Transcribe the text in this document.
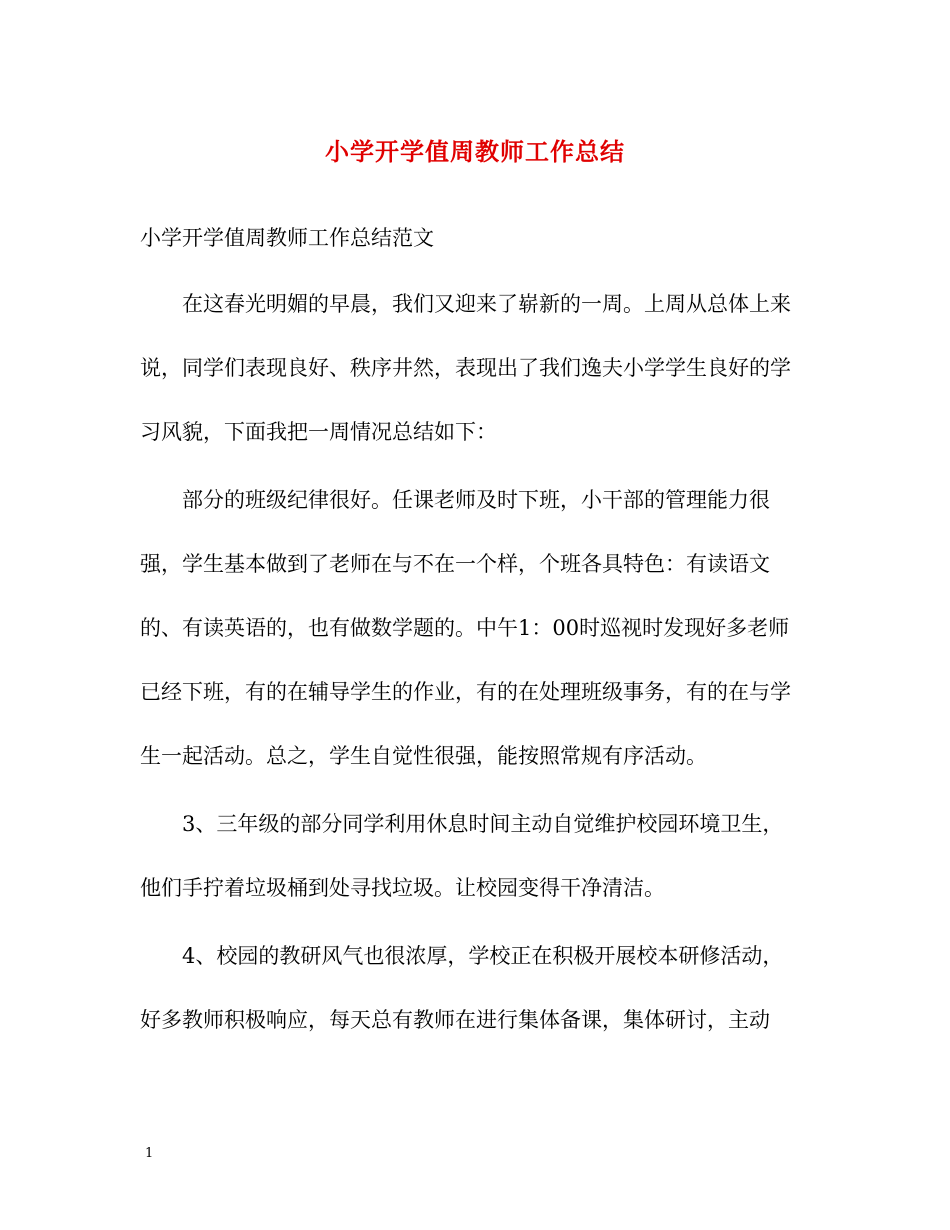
小学开学值周教师工作总结
小学开学值周教师工作总结范文

在这春光明媚的早晨，我们又迎来了崭新的一周。上周从总体上来说，同学们表现良好、秩序井然，表现出了我们逸夫小学学生良好的学习风貌，下面我把一周情况总结如下：

部分的班级纪律很好。任课老师及时下班，小干部的管理能力很强，学生基本做到了老师在与不在一个样，个班各具特色：有读语文的、有读英语的，也有做数学题的。中午1：00时巡视时发现好多老师已经下班，有的在辅导学生的作业，有的在处理班级事务，有的在与学生一起活动。总之，学生自觉性很强，能按照常规有序活动。

3、三年级的部分同学利用休息时间主动自觉维护校园环境卫生，他们手拧着垃圾桶到处寻找垃圾。让校园变得干净清洁。

4、校园的教研风气也很浓厚，学校正在积极开展校本研修活动，好多教师积极响应，每天总有教师在进行集体备课，集体研讨，主动

1
